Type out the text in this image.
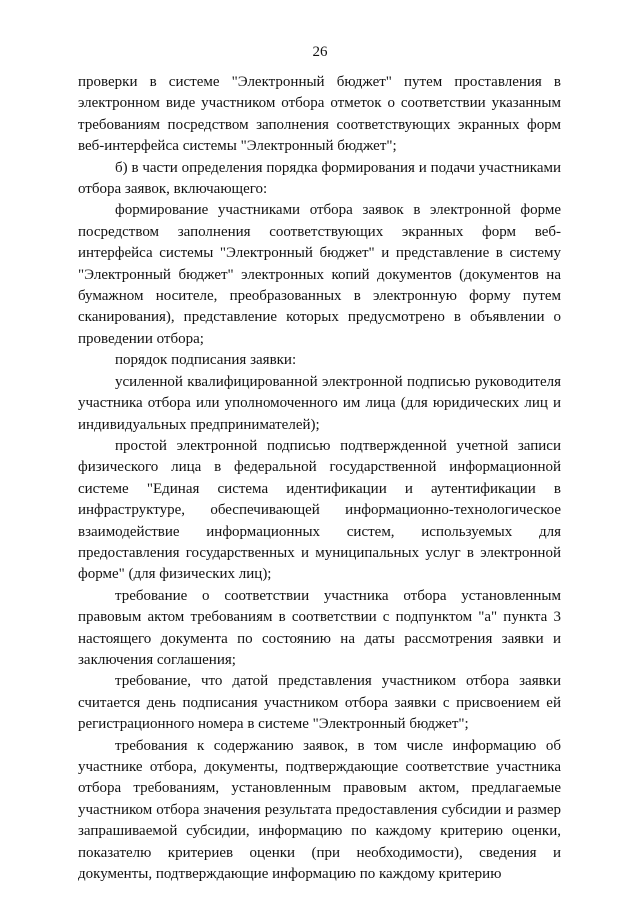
26

проверки в системе "Электронный бюджет" путем проставления в электронном виде участником отбора отметок о соответствии указанным требованиям посредством заполнения соответствующих экранных форм веб-интерфейса системы "Электронный бюджет";

б) в части определения порядка формирования и подачи участниками отбора заявок, включающего:

формирование участниками отбора заявок в электронной форме посредством заполнения соответствующих экранных форм веб-интерфейса системы "Электронный бюджет" и представление в систему "Электронный бюджет" электронных копий документов (документов на бумажном носителе, преобразованных в электронную форму путем сканирования), представление которых предусмотрено в объявлении о проведении отбора;

порядок подписания заявки:

усиленной квалифицированной электронной подписью руководителя участника отбора или уполномоченного им лица (для юридических лиц и индивидуальных предпринимателей);

простой электронной подписью подтвержденной учетной записи физического лица в федеральной государственной информационной системе "Единая система идентификации и аутентификации в инфраструктуре, обеспечивающей информационно-технологическое взаимодействие информационных систем, используемых для предоставления государственных и муниципальных услуг в электронной форме" (для физических лиц);

требование о соответствии участника отбора установленным правовым актом требованиям в соответствии с подпунктом "а" пункта 3 настоящего документа по состоянию на даты рассмотрения заявки и заключения соглашения;

требование, что датой представления участником отбора заявки считается день подписания участником отбора заявки с присвоением ей регистрационного номера в системе "Электронный бюджет";

требования к содержанию заявок, в том числе информацию об участнике отбора, документы, подтверждающие соответствие участника отбора требованиям, установленным правовым актом, предлагаемые участником отбора значения результата предоставления субсидии и размер запрашиваемой субсидии, информацию по каждому критерию оценки, показателю критериев оценки (при необходимости), сведения и документы, подтверждающие информацию по каждому критерию
